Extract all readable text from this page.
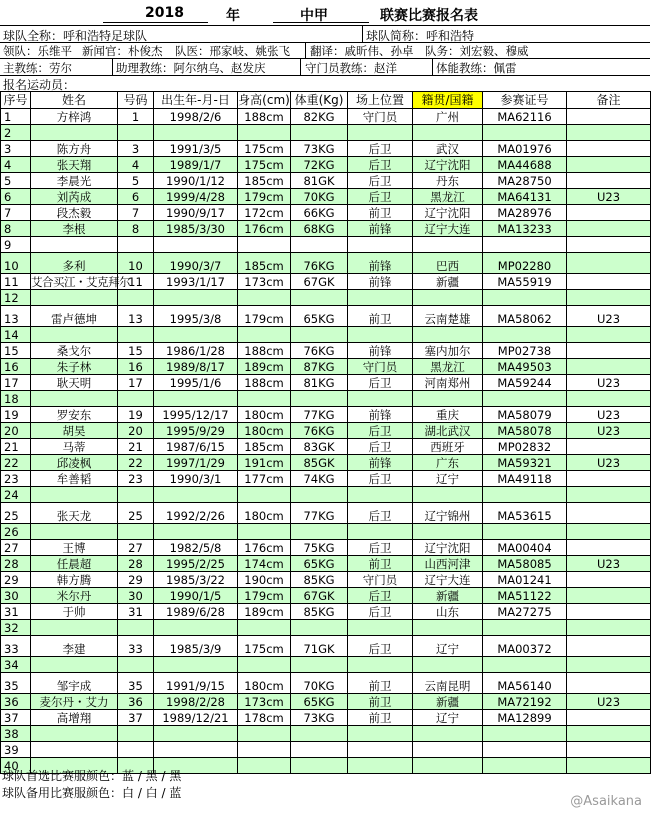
2018	年	中甲	联赛比赛报名表
球队全称：呼和浩特足球队	球队简称：呼和浩特
领队：乐维平 新闻官：朴俊杰 队医：邢家岐、姚张飞 翻译：戚昕伟、孙卓 队务：刘宏毅、穆威
主教练：劳尔	助理教练：阿尔纳乌、赵发庆	守门员教练：赵洋	体能教练：佩雷
报名运动员：
序号	姓名	号码	出生年-月-日	身高(cm)	体重(Kg)	场上位置	籍贯/国籍	参赛证号	备注
1	方梓鸿	1	1998/2/6	188cm	82KG	守门员	广州	MA62116	
2									
3	陈方舟	3	1991/3/5	175cm	73KG	后卫	武汉	MA01976	
4	张天翔	4	1989/1/7	175cm	72KG	后卫	辽宁沈阳	MA44688	
5	李晨光	5	1990/1/12	185cm	81GK	后卫	丹东	MA28750	
6	刘芮成	6	1999/4/28	179cm	70KG	后卫	黑龙江	MA64131	U23
7	段杰毅	7	1990/9/17	172cm	66KG	前卫	辽宁沈阳	MA28976	
8	李根	8	1985/3/30	176cm	68KG	前锋	辽宁大连	MA13233	
9									
10	多利	10	1990/3/7	185cm	76KG	前锋	巴西	MP02280	
11	艾合买江・艾克拜尔	11	1993/1/17	173cm	67GK	前锋	新疆	MA55919	
12									
13	雷卢德坤	13	1995/3/8	179cm	65KG	前卫	云南楚雄	MA58062	U23
14									
15	桑戈尔	15	1986/1/28	188cm	76KG	前锋	塞内加尔	MP02738	
16	朱子林	16	1989/8/17	189cm	87KG	守门员	黑龙江	MA49503	
17	耿天明	17	1995/1/6	188cm	81KG	后卫	河南郑州	MA59244	U23
18									
19	罗安东	19	1995/12/17	180cm	77KG	前锋	重庆	MA58079	U23
20	胡昊	20	1995/9/29	180cm	76KG	后卫	湖北武汉	MA58078	U23
21	马蒂	21	1987/6/15	185cm	83GK	后卫	西班牙	MP02832	
22	邱凌枫	22	1997/1/29	191cm	85GK	前锋	广东	MA59321	U23
23	牟善韬	23	1990/3/1	177cm	74KG	后卫	辽宁	MA49118	
24									
25	张天龙	25	1992/2/26	180cm	77KG	后卫	辽宁锦州	MA53615	
26									
27	王博	27	1982/5/8	176cm	75KG	后卫	辽宁沈阳	MA00404	
28	任晨超	28	1995/2/25	174cm	65KG	前卫	山西河津	MA58085	U23
29	韩方腾	29	1985/3/22	190cm	85KG	守门员	辽宁大连	MA01241	
30	米尔丹	30	1990/1/5	179cm	67GK	后卫	新疆	MA51122	
31	于帅	31	1989/6/28	189cm	85KG	后卫	山东	MA27275	
32									
33	李建	33	1985/3/9	175cm	71GK	后卫	辽宁	MA00372	
34									
35	邹宇成	35	1991/9/15	180cm	70KG	前卫	云南昆明	MA56140	
36	麦尔丹・艾力	36	1998/2/28	173cm	65KG	前卫	新疆	MA72192	U23
37	高增翔	37	1989/12/21	178cm	73KG	前卫	辽宁	MA12899	
38									
39									
40									
球队首选比赛服颜色：蓝 / 黑 / 黑
球队备用比赛服颜色：白 / 白 / 蓝
@Asaikana
